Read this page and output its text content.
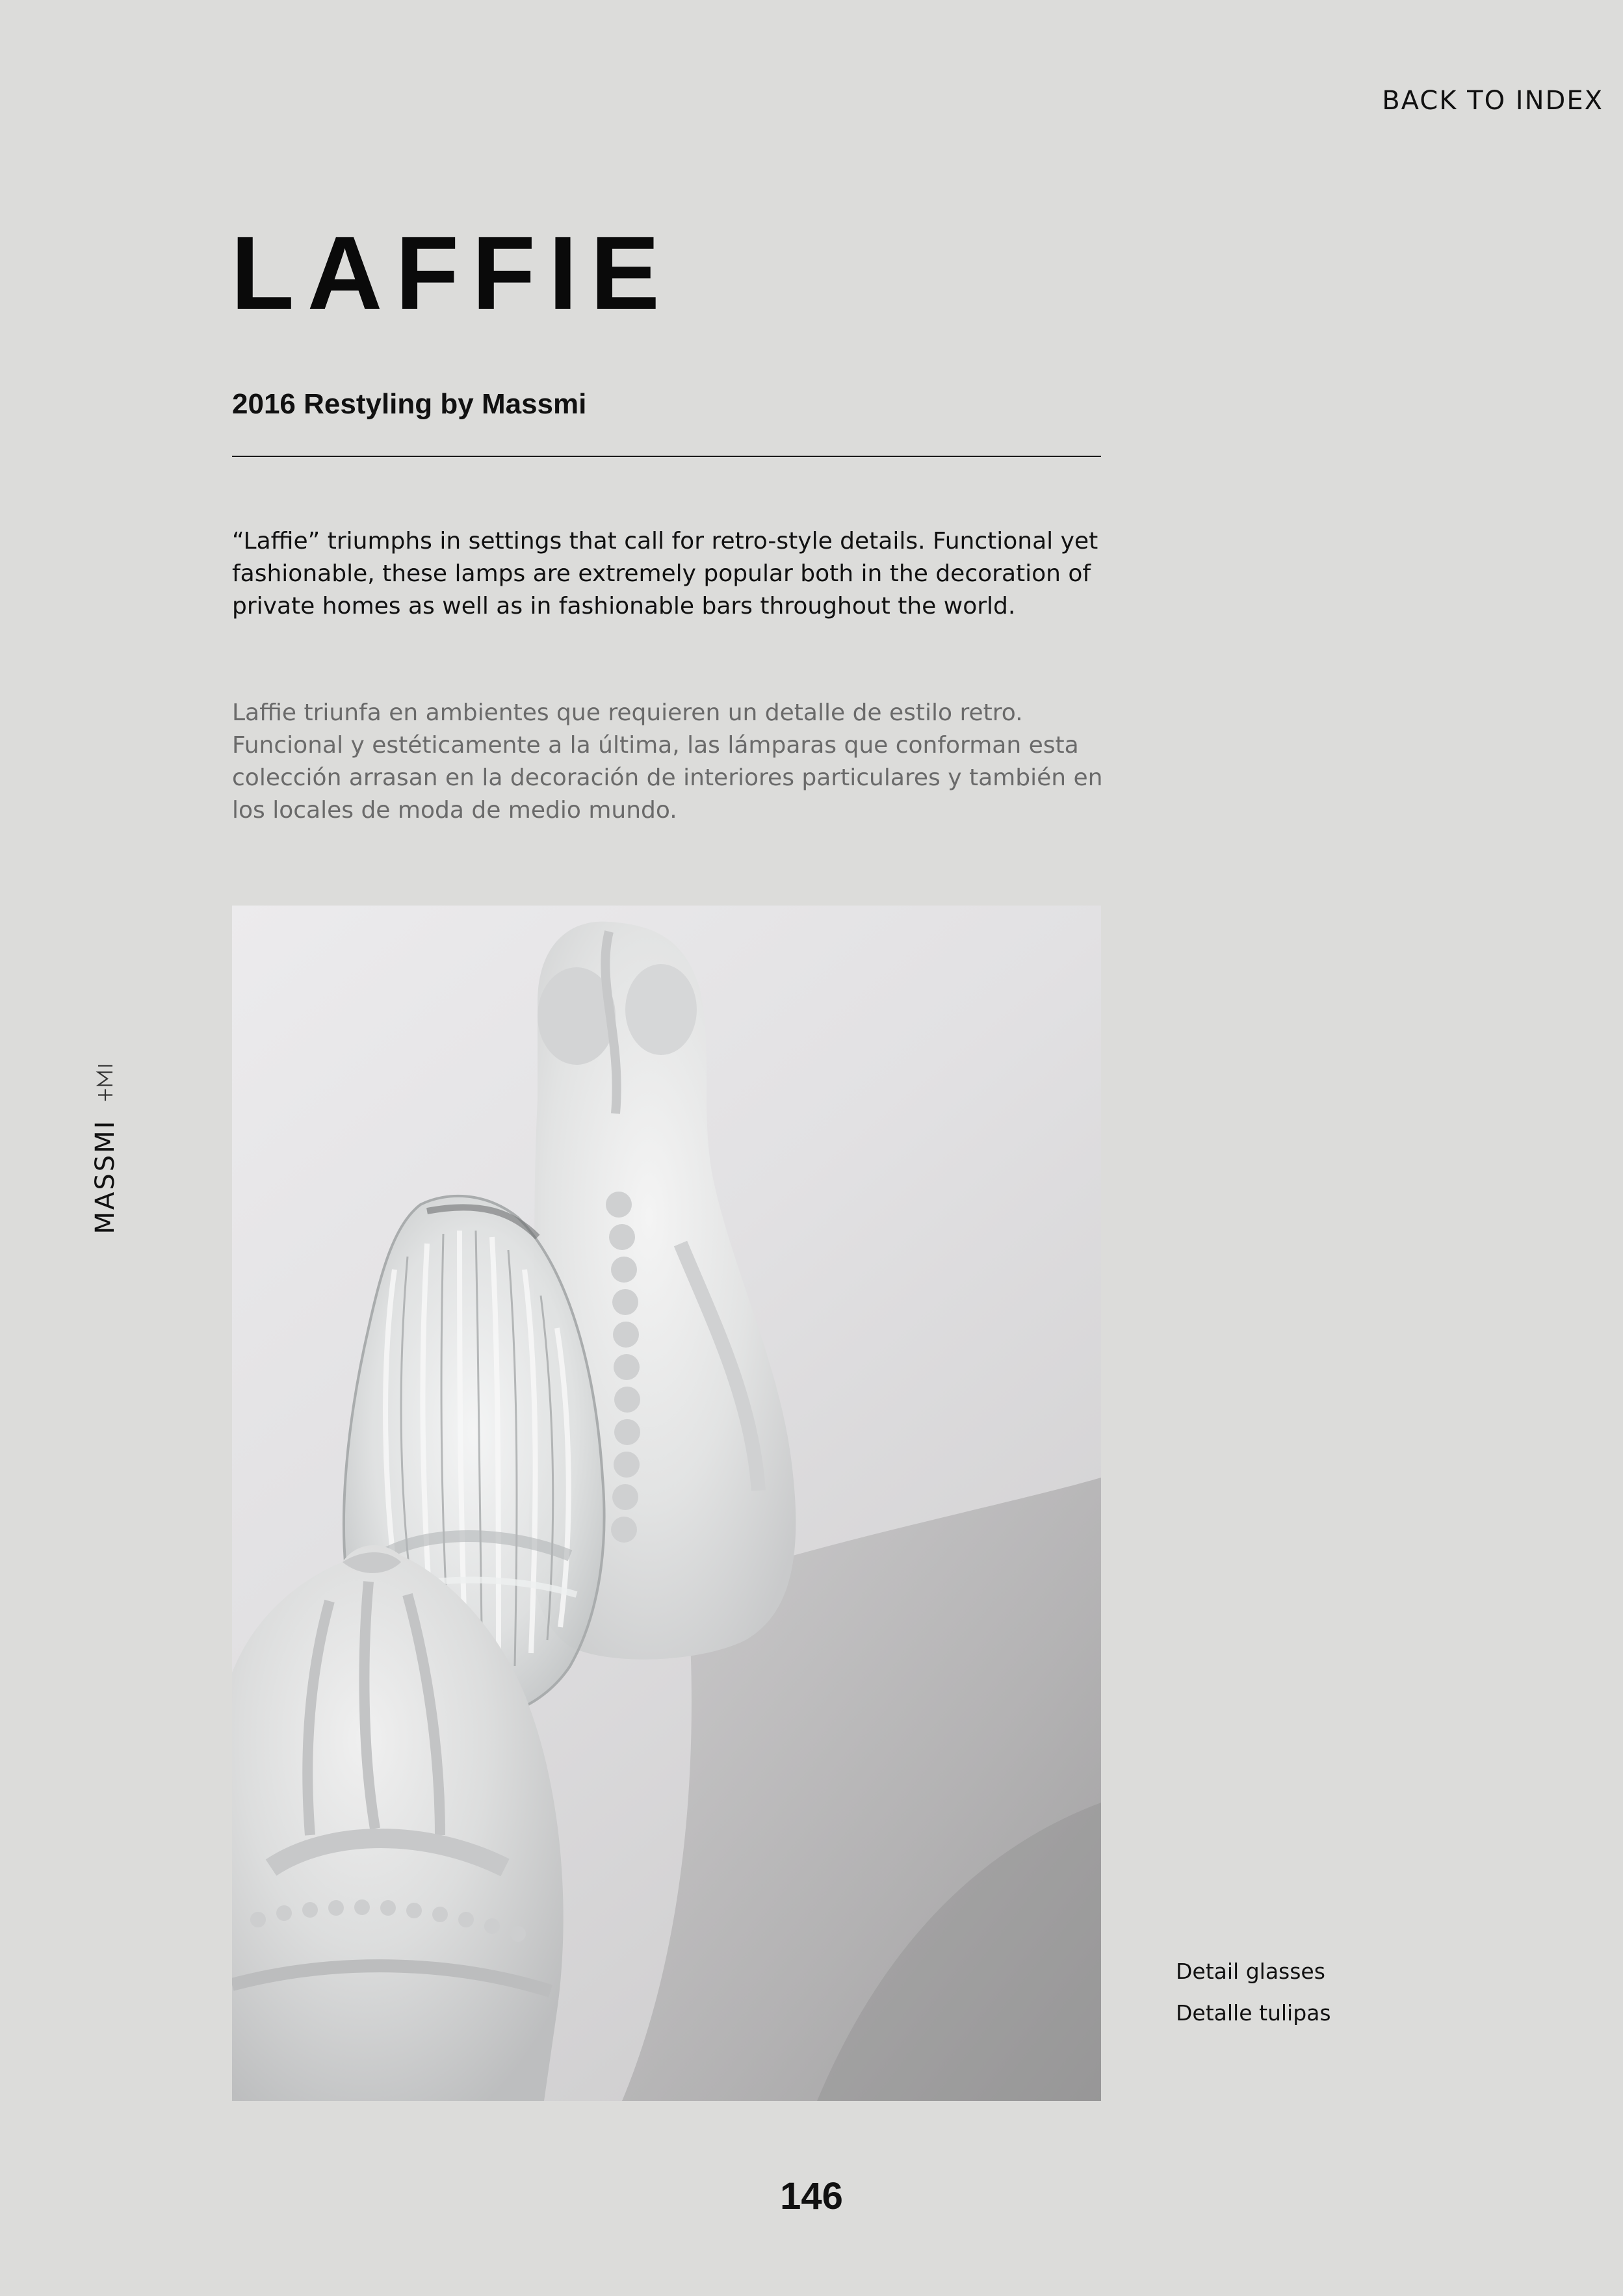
BACK TO INDEX
LAFFIE
2016 Restyling by Massmi

“Laffie” triumphs in settings that call for retro-style details. Functional yet fashionable, these lamps are extremely popular both in the decoration of private homes as well as in fashionable bars throughout the world.

Laffie triunfa en ambientes que requieren un detalle de estilo retro. Funcional y estéticamente a la última, las lámparas que conforman esta colección arrasan en la decoración de interiores particulares y también en los locales de moda de medio mundo.

MASSMI

Detail glasses

Detalle tulipas

146
